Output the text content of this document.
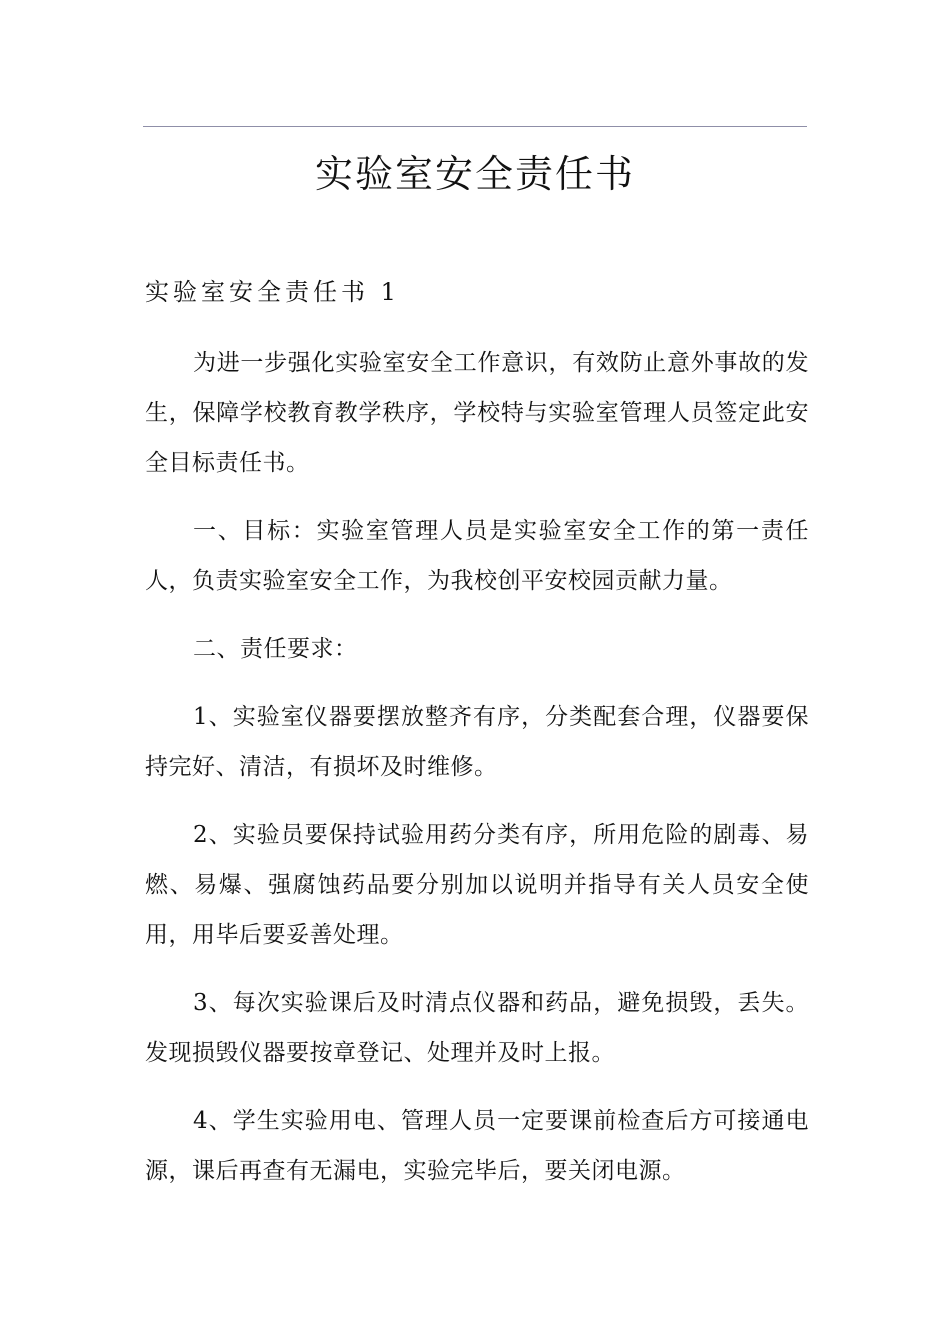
实验室安全责任书
实验室安全责任书 1

为进一步强化实验室安全工作意识，有效防止意外事故的发生，保障学校教育教学秩序，学校特与实验室管理人员签定此安全目标责任书。

一、目标：实验室管理人员是实验室安全工作的第一责任人，负责实验室安全工作，为我校创平安校园贡献力量。

二、责任要求：

1、实验室仪器要摆放整齐有序，分类配套合理，仪器要保持完好、清洁，有损坏及时维修。

2、实验员要保持试验用药分类有序，所用危险的剧毒、易燃、易爆、强腐蚀药品要分别加以说明并指导有关人员安全使用，用毕后要妥善处理。

3、每次实验课后及时清点仪器和药品，避免损毁，丢失。发现损毁仪器要按章登记、处理并及时上报。

4、学生实验用电、管理人员一定要课前检查后方可接通电源，课后再查有无漏电，实验完毕后，要关闭电源。
